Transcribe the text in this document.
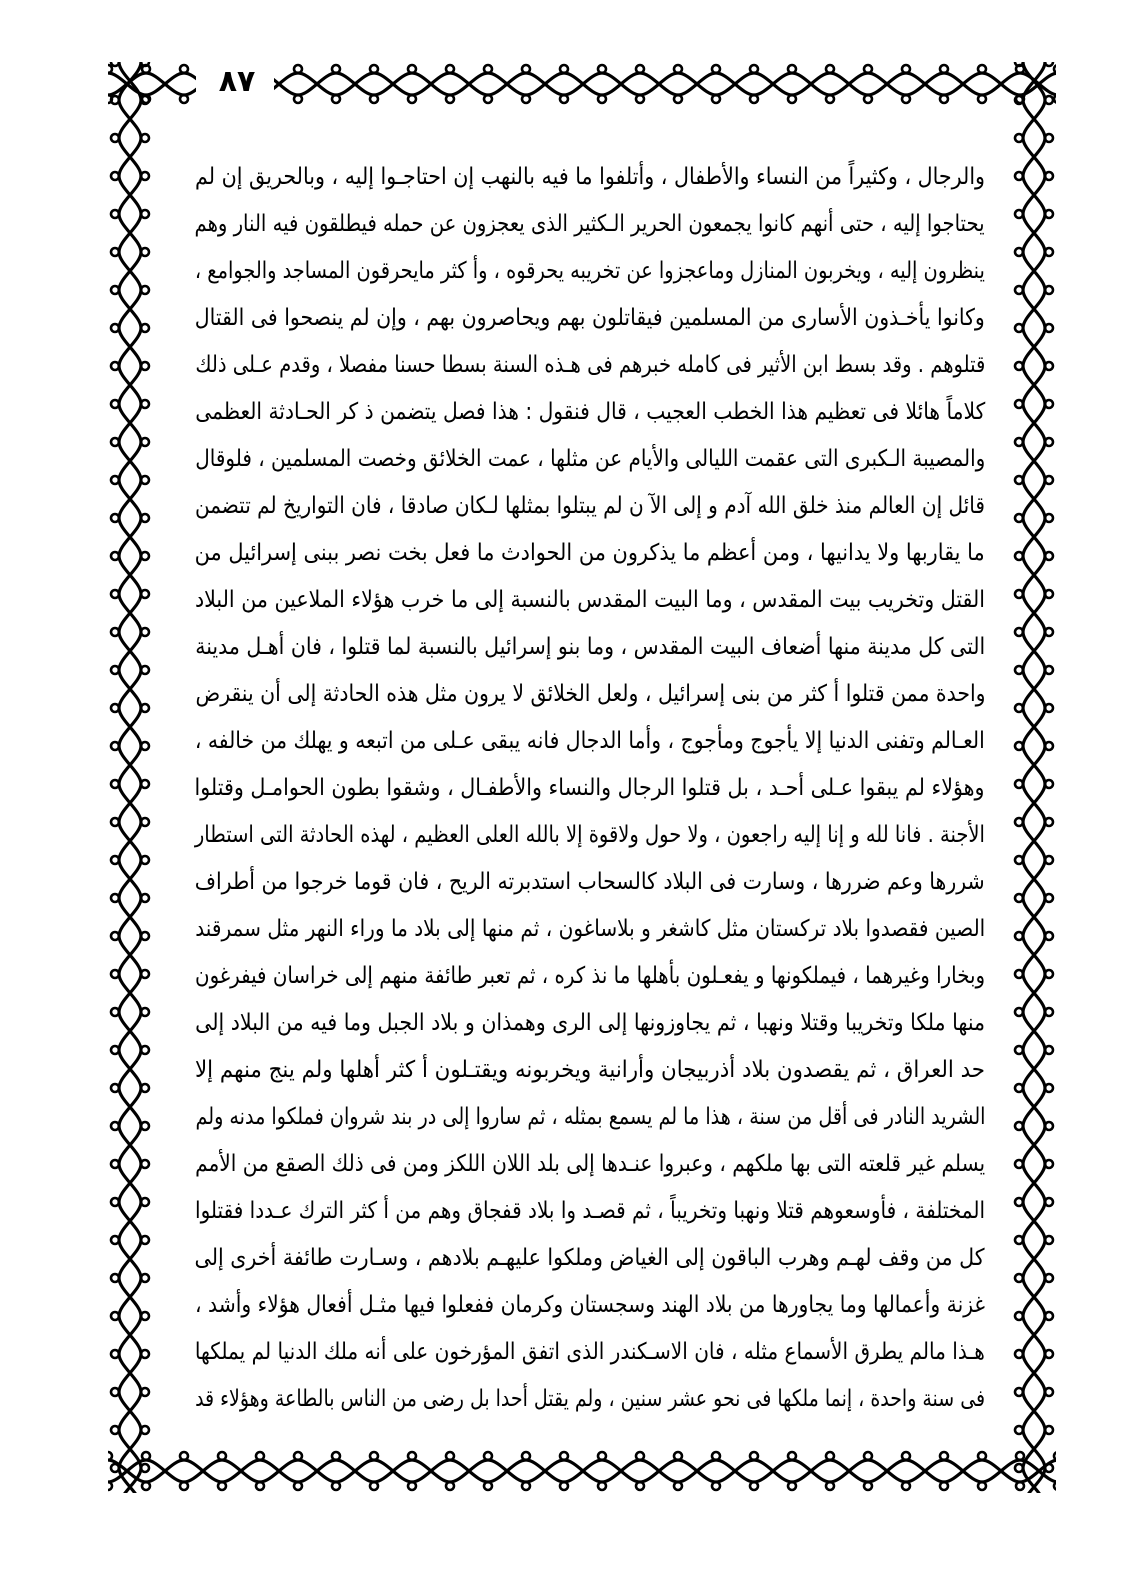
٨٧
والرجال ، وكثيراً من النساء والأطفال ، وأتلفوا ما فيه بالنهب إن احتاجـوا إليه ، وبالحريق إن لم
يحتاجوا إليه ، حتى أنهم كانوا يجمعون الحرير الـكثير الذى يعجزون عن حمله فيطلقون فيه النار وهم
ينظرون إليه ، ويخربون المنازل وماعجزوا عن تخريبه يحرقوه ، وأ كثر مايحرقون المساجد والجوامع ،
وكانوا يأخـذون الأسارى من المسلمين فيقاتلون بهم ويحاصرون بهم ، وإن لم ينصحوا فى القتال
قتلوهم . وقد بسط ابن الأثير فى كامله خبرهم فى هـذه السنة بسطا حسنا مفصلا ، وقدم عـلى ذلك
كلاماً هائلا فى تعظيم هذا الخطب العجيب ، قال فنقول : هذا فصل يتضمن ذ كر الحـادثة العظمى
والمصيبة الـكبرى التى عقمت الليالى والأيام عن مثلها ، عمت الخلائق وخصت المسلمين ، فلوقال
قائل إن العالم منذ خلق الله آدم و إلى الآ ن لم يبتلوا بمثلها لـكان صادقا ، فان التواريخ لم تتضمن
ما يقاربها ولا يدانيها ، ومن أعظم ما يذكرون من الحوادث ما فعل بخت نصر ببنى إسرائيل من
القتل وتخريب بيت المقدس ، وما البيت المقدس بالنسبة إلى ما خرب هؤلاء الملاعين من البلاد
التى كل مدينة منها أضعاف البيت المقدس ، وما بنو إسرائيل بالنسبة لما قتلوا ، فان أهـل مدينة
واحدة ممن قتلوا أ كثر من بنى إسرائيل ، ولعل الخلائق لا يرون مثل هذه الحادثة إلى أن ينقرض
العـالم وتفنى الدنيا إلا يأجوج ومأجوج ، وأما الدجال فانه يبقى عـلى من اتبعه و يهلك من خالفه ،
وهؤلاء لم يبقوا عـلى أحـد ، بل قتلوا الرجال والنساء والأطفـال ، وشقوا بطون الحوامـل وقتلوا
الأجنة . فانا لله و إنا إليه راجعون ، ولا حول ولاقوة إلا بالله العلى العظيم ، لهذه الحادثة التى استطار
شررها وعم ضررها ، وسارت فى البلاد كالسحاب استدبرته الريح ، فان قوما خرجوا من أطراف
الصين فقصدوا بلاد تركستان مثل كاشغر و بلاساغون ، ثم منها إلى بلاد ما وراء النهر مثل سمرقند
وبخارا وغيرهما ، فيملكونها و يفعـلون بأهلها ما نذ كره ، ثم تعبر طائفة منهم إلى خراسان فيفرغون
منها ملكا وتخريبا وقتلا ونهبا ، ثم يجاوزونها إلى الرى وهمذان و بلاد الجبل وما فيه من البلاد إلى
حد العراق ، ثم يقصدون بلاد أذربيجان وأرانية ويخربونه ويقتـلون أ كثر أهلها ولم ينج منهم إلا
الشريد النادر فى أقل من سنة ، هذا ما لم يسمع بمثله ، ثم ساروا إلى در بند شروان فملكوا مدنه ولم
يسلم غير قلعته التى بها ملكهم ، وعبروا عنـدها إلى بلد اللان اللكز ومن فى ذلك الصقع من الأمم
المختلفة ، فأوسعوهم قتلا ونهبا وتخريباً ، ثم قصـد وا بلاد قفجاق وهم من أ كثر الترك عـددا فقتلوا
كل من وقف لهـم وهرب الباقون إلى الغياض وملكوا عليهـم بلادهم ، وسـارت طائفة أخرى إلى
غزنة وأعمالها وما يجاورها من بلاد الهند وسجستان وكرمان ففعلوا فيها مثـل أفعال هؤلاء وأشد ،
هـذا مالم يطرق الأسماع مثله ، فان الاسـكندر الذى اتفق المؤرخون على أنه ملك الدنيا لم يملكها
فى سنة واحدة ، إنما ملكها فى نحو عشر سنين ، ولم يقتل أحدا بل رضى من الناس بالطاعة وهؤلاء قد
